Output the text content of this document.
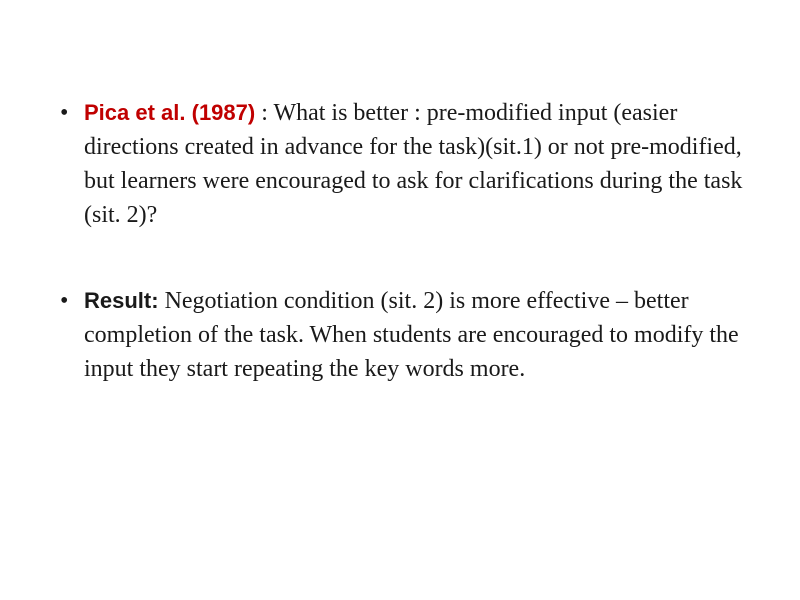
• Pica et al. (1987) : What is better : pre-modified input (easier directions created in advance for the task)(sit.1) or not pre-modified, but learners were encouraged to ask for clarifications during the task (sit. 2)?
• Result: Negotiation condition (sit. 2) is more effective – better completion of the task. When students are encouraged to modify the input they start repeating the key words more.
